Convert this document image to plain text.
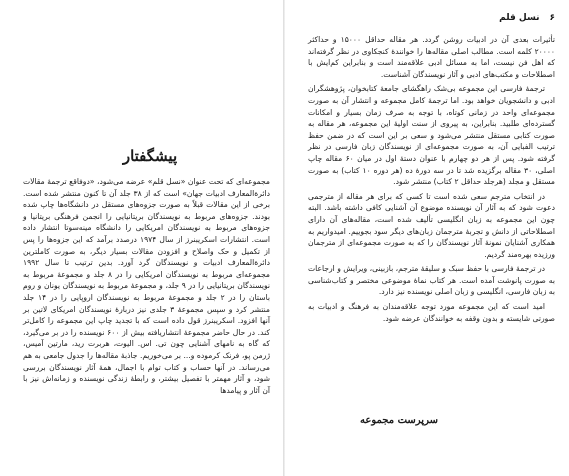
پیشگفتار

مجموعه‌ای که تحت عنوان «نسل قلم» عرضه می‌شود، «دوفاقع ترجمهٔ مقالات دائرةالمعارف ادبیات جهان» است که از ۳۸ جلد آن تا کنون منتشر شده است. برخی از این مقالات قبلاً به صورت جزوه‌های مستقل در دانشگاه‌ها چاپ شده بودند. جزوه‌های مربوط به نویسندگان بریتانیایی را انجمن فرهنگی بریتانیا و جزوه‌های مربوط به نویسندگان امریکایی را دانشگاه مینه‌سوتا انتشار داده است. انتشارات اسکریبنرز از سال ۱۹۷۴ درصدد برآمد که این جزوه‌ها را پس از تکمیل و حک واصلاح و افزودن مقالات بسیار دیگر، به صورت کاملترین دائرةالمعارف ادبیات و نویسندگان گرد آورد. بدین ترتیب تا سال ۱۹۹۲ مجموعه‌ای مربوط به نویسندگان امریکایی را در ۸ جلد و مجموعهٔ مربوط به نویسندگان بریتانیایی را در ۹ جلد، و مجموعهٔ مربوط به نویسندگان یونان و روم باستان را در ۲ جلد و مجموعهٔ مربوط به نویسندگان اروپایی را در ۱۴ جلد منتشر کرد و سپس مجموعهٔ ۳ جلدی نیز دربارهٔ نویسندگان امریکای لاتین بر آنها افزود. اسکریبنرز قول داده است که با تجدید چاپ این مجموعه را کامل‌تر کند. در حال حاضر مجموعهٔ انتشاریافته بیش از ۶۰۰ نویسنده را در بر می‌گیرد، که گاه به نامهای آشنایی چون تی. اس. الیوت، هربرت رید، مارتین آمیس، ژرمن پو، فرنک کرموده و... بر می‌خوریم. جاذبهٔ مقاله‌ها را جدول جامعی به هم می‌رساند. در آنها حساب و کتاب توام با اجمال، همهٔ آثار نویسندگان بررسی شود، و آثار مهمتر با تفصیل بیشتر، و رابطهٔ زندگی نویسنده و زمانه‌اش نیز با آن آثار و پیامدها

۶
نسل قلم

تأثیرات بعدی آن در ادبیات روشن گردد. هر مقاله حداقل ۱۵۰۰۰ و حداکثر ۲۰۰۰۰ کلمه است. مطالب اصلی مقاله‌ها را خوانندهٔ کنجکاوی در نظر گرفته‌اند که اهل فن نیست، اما به مسائل ادبی علاقه‌مند است و بنابراین کم‌ایش با اصطلاحات و مکتب‌های ادبی و آثار نویسندگان آشناست.

ترجمهٔ فارسی این مجموعه بی‌شک راهگشای جامعهٔ کتابخوان، پژوهشگران ادبی و دانشجویان خواهد بود. اما ترجمهٔ کامل مجموعه و انتشار آن به صورت مجموعه‌ای واحد در زمانی کوتاه، با توجه به صرف زمان بسیار و امکانات گسترده‌ای طلبید. بنابراین، به پیروی از سنت اولیهٔ این مجموعه، هر مقاله به صورت کتابی مستقل منتشر می‌شود و سعی بر این است که در ضمن حفظ ترتیب الفبایی آن، به صورت مجموعه‌ای از نویسندگان زبان فارسی در نظر گرفته شود. پس از هر دو چهارم با عنوان دستهٔ اول در میان ۶۰ مقاله چاپ اصلی، ۳۰ مقاله برگزیده شد تا در سه دورهٔ ده (هر دوره ۱۰ کتاب) به صورت مستقل و مجلد (هرجلد حداقل ۲ کتاب) منتشر شود.

در انتخاب مترجم سعی شده است تا کسی که برای هر مقاله از مترجمی دعوت شود که به آثار آن نویسنده موضوع آن آشنایی کافی داشته باشد. البته چون این مجموعه به زبان انگلیسی تألیف شده است، مقاله‌های آن دارای اصطلاحاتی از دانش و تجربهٔ مترجمان زبان‌های دیگر سود بجوییم. امیدواریم به همکاری آشنایان نمونهٔ آثار نویسندگان را که به صورت مجموعه‌ای از مترجمان ورزیده بهره‌مند گردیم.

در ترجمهٔ فارسی با حفظ سبک و سلیقهٔ مترجم، بازبینی، ویرایش و ارجاعات به صورت پانوشت آمده است. هر کتاب نماهٔ موضوعی مختصر و کتاب‌شناسی به زبان فارسی، انگلیسی و زبان اصلی نویسنده نیز دارد.

امید است که این مجموعه مورد توجه علاقه‌مندان به فرهنگ و ادبیات به صورتی شایسته و بدون وقفه به خوانندگان عرضه شود.

سرپرست مجموعه
